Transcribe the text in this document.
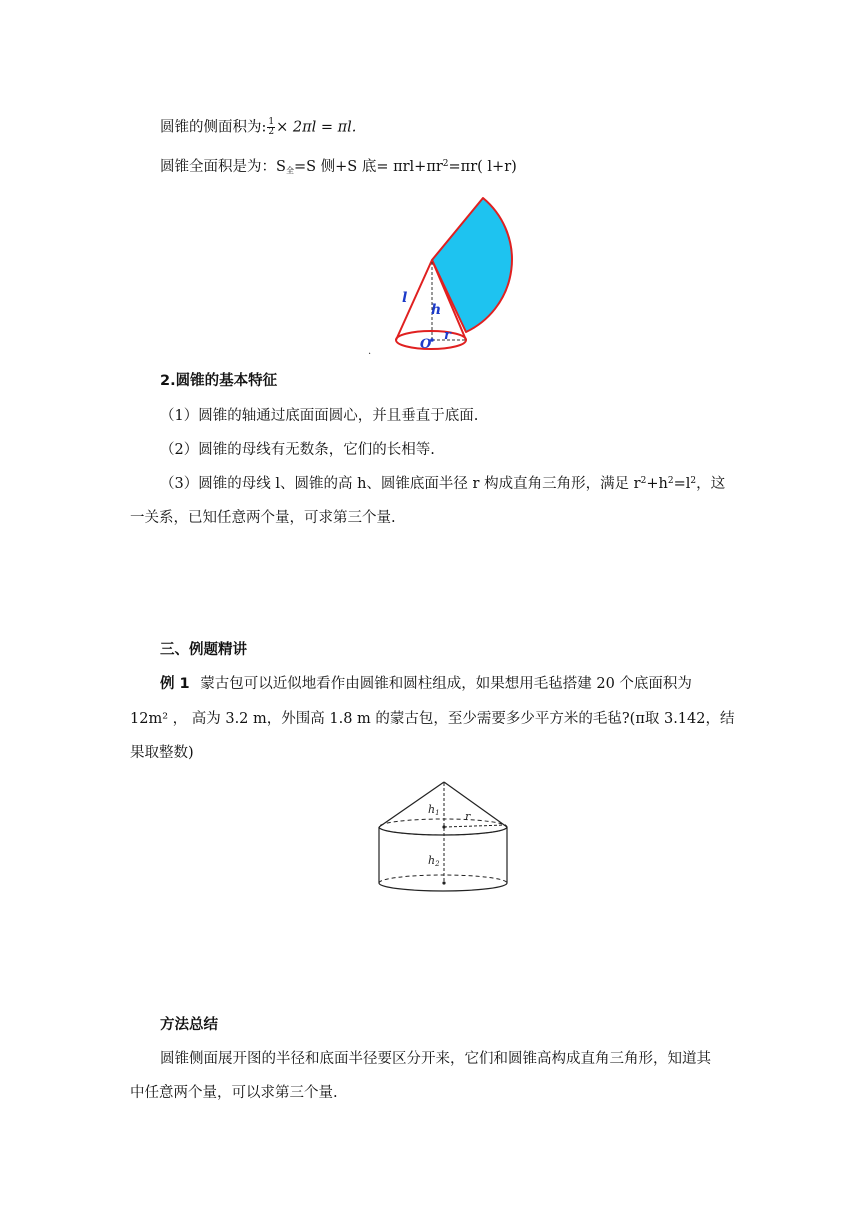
圆锥的侧面积为: $\frac{1}{2} \times 2\pi l = \pi l$.
圆锥全面积是为：$S_全=S$ 侧+S 底= $\pi rl+\pi r^2=\pi r$( l+r)
l
h
r
O
.
2.圆锥的基本特征
（1）圆锥的轴通过底面面圆心，并且垂直于底面.
（2）圆锥的母线有无数条，它们的长相等.
（3）圆锥的母线 l、圆锥的高 h、圆锥底面半径 r 构成直角三角形，满足 $r^2+h^2=l^2$，这
一关系，已知任意两个量，可求第三个量.
三、例题精讲
例 1 蒙古包可以近似地看作由圆锥和圆柱组成，如果想用毛毡搭建 20 个底面积为
12m² ， 高为 3.2 m，外围高 1.8 m 的蒙古包，至少需要多少平方米的毛毡?(π取 3.142，结
果取整数)
h1 r
h2
方法总结
圆锥侧面展开图的半径和底面半径要区分开来，它们和圆锥高构成直角三角形，知道其
中任意两个量，可以求第三个量.
